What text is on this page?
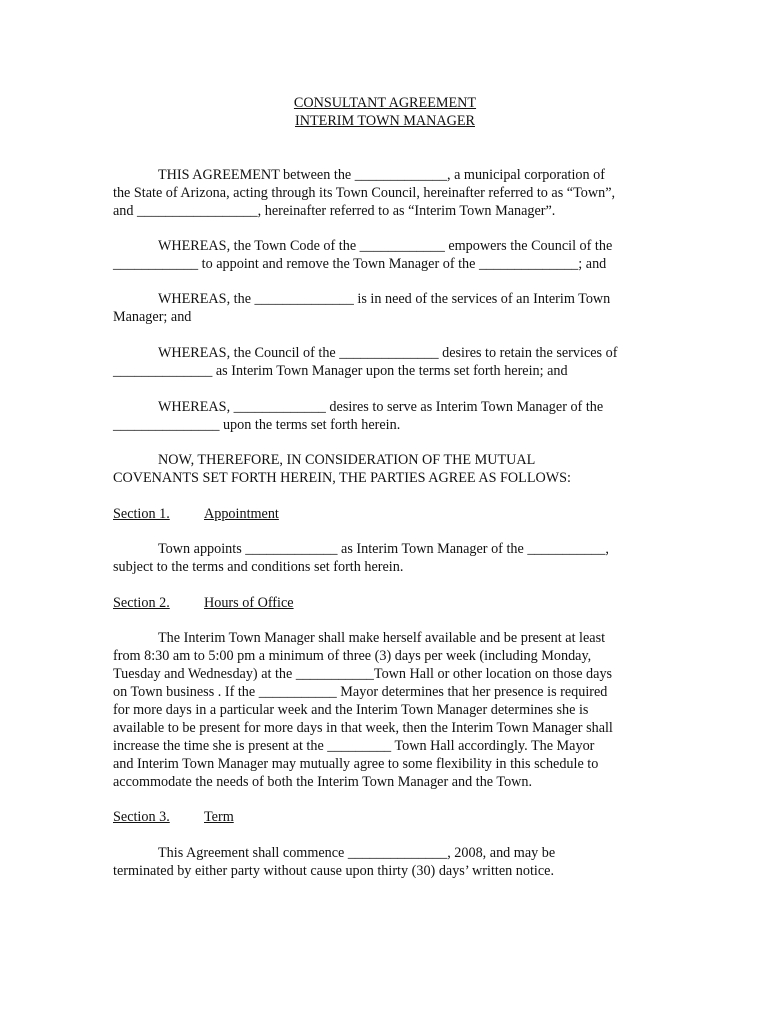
CONSULTANT AGREEMENT
INTERIM TOWN MANAGER

THIS AGREEMENT between the _____________, a municipal corporation of

the State of Arizona, acting through its Town Council, hereinafter referred to as “Town”,

and _________________, hereinafter referred to as “Interim Town Manager”.

WHEREAS, the Town Code of the ____________ empowers the Council of the

____________ to appoint and remove the Town Manager of the ______________; and

WHEREAS, the ______________ is in need of the services of an Interim Town

Manager; and

WHEREAS, the Council of the ______________ desires to retain the services of

______________ as Interim Town Manager upon the terms set forth herein; and

WHEREAS, _____________ desires to serve as Interim Town Manager of the

_______________ upon the terms set forth herein.

NOW, THEREFORE, IN CONSIDERATION OF THE MUTUAL

COVENANTS SET FORTH HEREIN, THE PARTIES AGREE AS FOLLOWS:

Section 1. Appointment

Town appoints _____________ as Interim Town Manager of the ___________,

subject to the terms and conditions set forth herein.

Section 2. Hours of Office

The Interim Town Manager shall make herself available and be present at least

from 8:30 am to 5:00 pm a minimum of three (3) days per week (including Monday,

Tuesday and Wednesday) at the ___________Town Hall or other location on those days

on Town business . If the ___________ Mayor determines that her presence is required

for more days in a particular week and the Interim Town Manager determines she is

available to be present for more days in that week, then the Interim Town Manager shall

increase the time she is present at the _________ Town Hall accordingly. The Mayor

and Interim Town Manager may mutually agree to some flexibility in this schedule to

accommodate the needs of both the Interim Town Manager and the Town.

Section 3. Term

This Agreement shall commence ______________, 2008, and may be

terminated by either party without cause upon thirty (30) days’ written notice.
